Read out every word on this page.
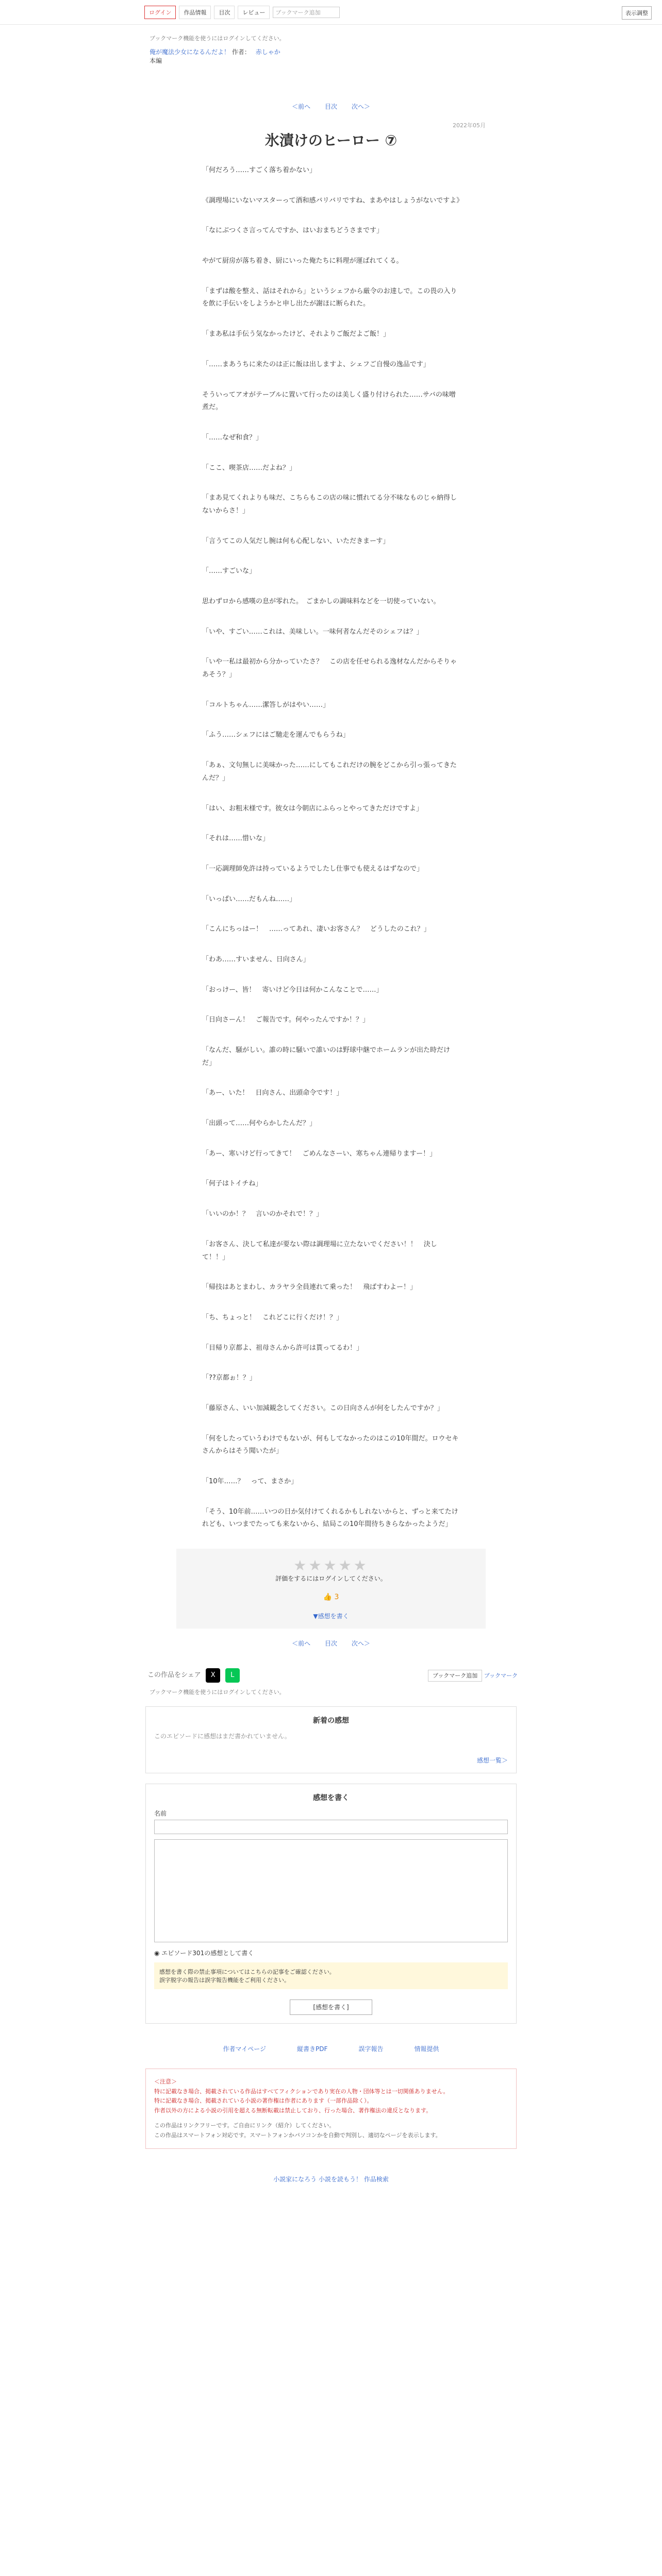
ログイン	作品情報	目次	レビュー	ブックマーク追加	表示調整
ブックマーク機能を使うにはログインしてください。
俺が魔法少女になるんだよ！ 作者： 赤しゃか
本編
＜前へ 目次 次へ＞
2022年05月
氷漬けのヒーロー ⑦

「何だろう……すごく落ち着かない」

《調理場にいないマスターって酒和感バリバリですね、まあやはしょうがないですよ》

「なにぶつくさ言ってんですか、はいおまちどうさまです」

やがて厨房が落ち着き、厨にいった俺たちに料理が運ばれてくる。

「まずは酸を整え、話はそれから」というシェフから厳令のお達しで。この畏の入りを飲に手伝いをしようかと申し出たが謝ほに断られた。

「まあ私は手伝う気なかったけど、それよりご飯だよご飯！」

「……まあうちに来たのは正に飯は出しますよ、シェフご自慢の逸品です」

そういってアオがテーブルに置いて行ったのは美しく盛り付けられた……サバの味噌煮だ。

「……なぜ和食？」

「ここ、喫茶店……だよね？」

「まあ見てくれよりも味だ、こちらもこの店の味に慣れてる分不味なものじゃ納得しないからさ！」

「言うてこの人気だし腕は何も心配しない、いただきまーす」

「……すごいな」

思わずロから感嘆の息が零れた。　ごまかしの調味料などを一切使っていない。

「いや、すごい……これは、美味しい。一味何者なんだそのシェフは？」

「いや一私は最初から分かっていたさ？　この店を任せられる逸材なんだからそりゃあそう？」

「コルトちゃん……潔答しがはやい……」

「ふう……シェフにはご馳走を運んでもらうね」

「あぁ、文句無しに美味かった……にしてもこれだけの腕をどこから引っ張ってきたんだ？」

「はい、お粗末様です。彼女は今朝店にふらっとやってきただけですよ」

「それは……惜いな」

「一応調理師免許は持っているようでしたし仕事でも使えるはずなので」

「いっぱい……だもんね……」

「こんにちっはー！　……ってあれ、凄いお客さん？　どうしたのこれ？」

「わあ……すいません、日向さん」

「おっけー、皆！　寄いけど今日は何かこんなことで……」

「日向さーん！　ご報告です。何やったんですか！？」

「なんだ、騒がしい。誰の時に騒いで誰いのは野球中継でホームランが出た時だけだ」

「あー、いた！　日向さん、出頭命令です！」

「出頭って……何やらかしたんだ？」

「あー、寒いけど行ってきて！　ごめんなさーい、寒ちゃん連帰りますー！」

「何子はトイチね」

「いいのか！？　言いのかそれで！？」

「お客さん、決して私達が要ない際は調理場に立たないでください！！　決して！！」

「帰技はあとまわし、カラヤラ全員連れて乗った！　飛ばすわよー！」

「ち、ちょっと！　これどこに行くだけ！？」

「目帰り京都よ、祖母さんから許可は貰ってるわ！」

「??京都ぉ！？」

「藤原さん、いい加減観念してください。この日向さんが何をしたんですか？」

「何をしたっていうわけでもないが、何もしてなかったのはこの10年間だ。ロウセキさんからはそう聞いたが」

「10年……？　って、まさか」

「そう、10年前……いつの日か気付けてくれるかもしれないからと、ずっと来てたけれども、いつまでたっても来ないから、結局この10年間待ちきらなかったようだ」

★★★★★
評価をするにはログインしてください。
👍 3
▼感想を書く
＜前へ 目次 次へ＞
この作品をシェア X L	ブックマーク追加 ブックマーク
ブックマーク機能を使うにはログインしてください。
新着の感想
このエピソードに感想はまだ書かれていません。
感想一覧＞
感想を書く
名前
◉ エピソード301の感想として書く
感想を書く際の禁止事項についてはこちらの記事をご確認ください。
誤字脱字の報告は誤字報告機能をご利用ください。
[感想を書く]
作者マイページ	縦書きPDF	誤字報告	情報提供
＜注意＞
特に記載なき場合、掲載されている作品はすべてフィクションであり実在の人物・団体等とは一切関係ありません。
特に記載なき場合、掲載されている小説の著作権は作者にあります（一部作品除く）。
作者以外の方による小説の引用を超える無断転載は禁止しており、行った場合、著作権法の違反となります。
この作品はリンクフリーです。ご自由にリンク（紹介）してください。
この作品はスマートフォン対応です。スマートフォンかパソコンかを自動で判別し、適切なページを表示します。
小説家になろう 小説を読もう！ 作品検索
